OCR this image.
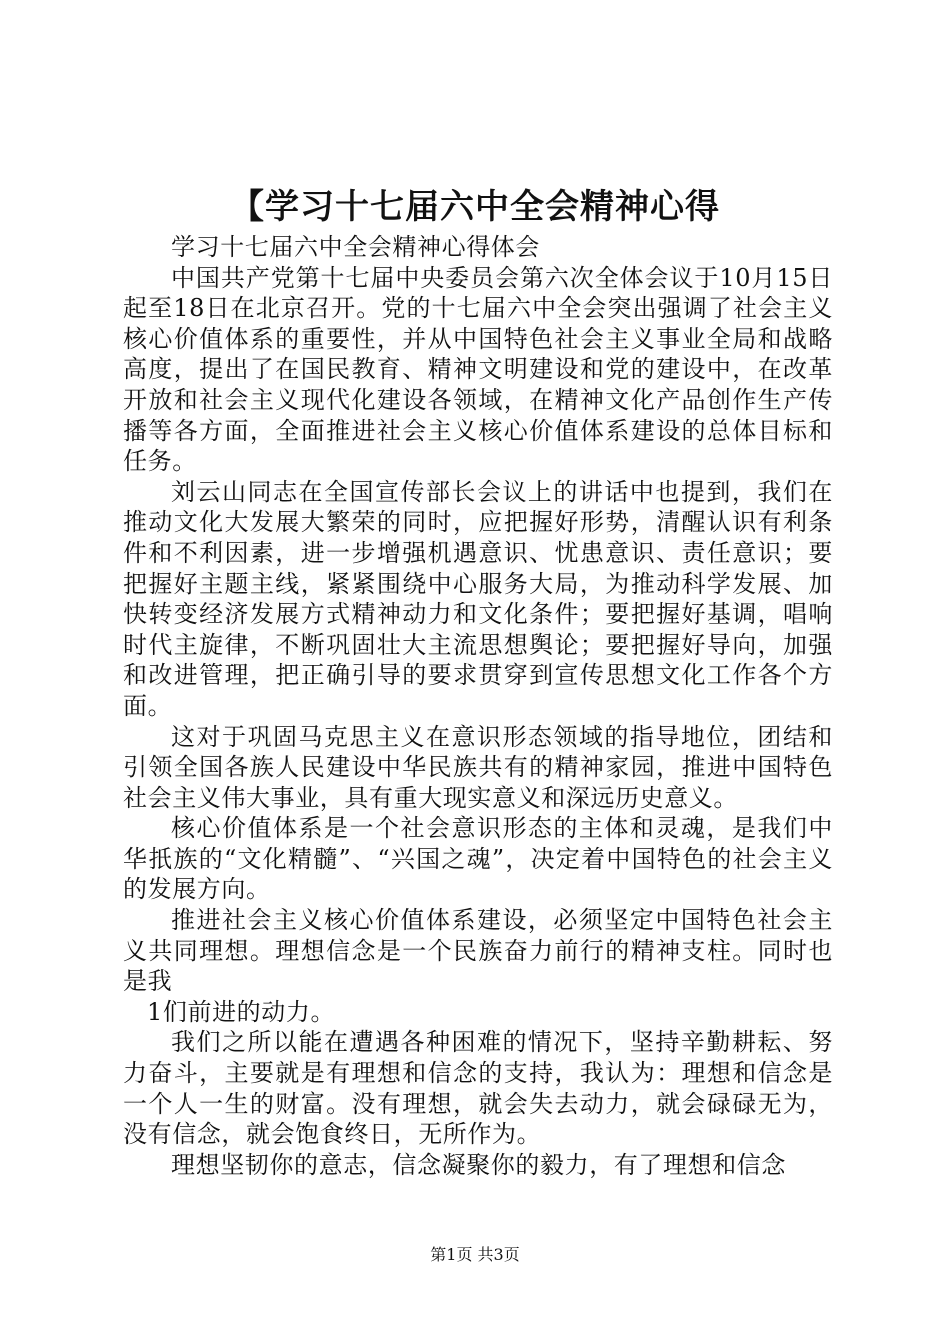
【学习十七届六中全会精神心得

学习十七届六中全会精神心得体会

中国共产党第十七届中央委员会第六次全体会议于10月15日起至18日在北京召开。党的十七届六中全会突出强调了社会主义核心价值体系的重要性，并从中国特色社会主义事业全局和战略高度，提出了在国民教育、精神文明建设和党的建设中，在改革开放和社会主义现代化建设各领域，在精神文化产品创作生产传播等各方面，全面推进社会主义核心价值体系建设的总体目标和任务。

刘云山同志在全国宣传部长会议上的讲话中也提到，我们在推动文化大发展大繁荣的同时，应把握好形势，清醒认识有利条件和不利因素，进一步增强机遇意识、忧患意识、责任意识；要把握好主题主线，紧紧围绕中心服务大局，为推动科学发展、加快转变经济发展方式精神动力和文化条件；要把握好基调，唱响时代主旋律，不断巩固壮大主流思想舆论；要把握好导向，加强和改进管理，把正确引导的要求贯穿到宣传思想文化工作各个方面。

这对于巩固马克思主义在意识形态领域的指导地位，团结和引领全国各族人民建设中华民族共有的精神家园，推进中国特色社会主义伟大事业，具有重大现实意义和深远历史意义。

核心价值体系是一个社会意识形态的主体和灵魂，是我们中华扺族的“文化精髓”、“兴国之魂”，决定着中国特色的社会主义的发展方向。

推进社会主义核心价值体系建设，必须坚定中国特色社会主义共同理想。理想信念是一个民族奋力前行的精神支柱。同时也是我

1们前进的动力。

我们之所以能在遭遇各种困难的情况下，坚持辛勤耕耘、努力奋斗，主要就是有理想和信念的支持，我认为：理想和信念是一个人一生的财富。没有理想，就会失去动力，就会碌碌无为，没有信念，就会饱食终日，无所作为。

理想坚韧你的意志，信念凝聚你的毅力，有了理想和信念

第1页 共3页
